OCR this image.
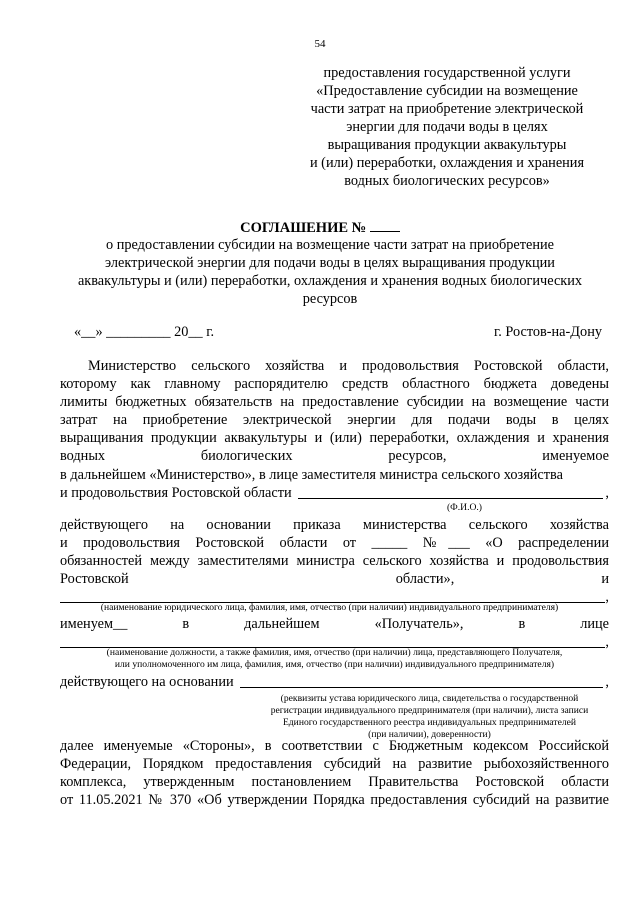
54
предоставления государственной услуги
«Предоставление субсидии на возмещение
части затрат на приобретение электрической
энергии для подачи воды в целях
выращивания продукции аквакультуры
и (или) переработки, охлаждения и хранения
водных биологических ресурсов»
СОГЛАШЕНИЕ №
о предоставлении субсидии на возмещение части затрат на приобретение
электрической энергии для подачи воды в целях выращивания продукции
аквакультуры и (или) переработки, охлаждения и хранения водных биологических
ресурсов
«__» _________ 20__ г.	г. Ростов-на-Дону
Министерство сельского хозяйства и продовольствия Ростовской области,
которому как главному распорядителю средств областного бюджета доведены
лимиты бюджетных обязательств на предоставление субсидии на возмещение части
затрат на приобретение электрической энергии для подачи воды в целях
выращивания продукции аквакультуры и (или) переработки, охлаждения и хранения
водных	биологических	ресурсов,	именуемое
в дальнейшем «Министерство», в лице заместителя министра сельского хозяйства
и продовольствия Ростовской области	,
(Ф.И.О.)
действующего на основании приказа министерства сельского хозяйства
и продовольствия Ростовской области от _____ №___ «О распределении
обязанностей между заместителями министра сельского хозяйства и продовольствия
Ростовской	области»,	и
,
(наименование юридического лица, фамилия, имя, отчество (при наличии) индивидуального предпринимателя)
именуем__	в	дальнейшем	«Получатель»,	в	лице
,
(наименование должности, а также фамилия, имя, отчество (при наличии) лица, представляющего Получателя,
или уполномоченного им лица, фамилия, имя, отчество (при наличии) индивидуального предпринимателя)
действующего на основании	,
(реквизиты устава юридического лица, свидетельства о государственной
регистрации индивидуального предпринимателя (при наличии), листа записи
Единого государственного реестра индивидуальных предпринимателей
(при наличии), доверенности)
далее именуемые «Стороны», в соответствии с Бюджетным кодексом Российской
Федерации, Порядком предоставления субсидий на развитие рыбохозяйственного
комплекса, утвержденным постановлением Правительства Ростовской области
от 11.05.2021 № 370 «Об утверждении Порядка предоставления субсидий на развитие
